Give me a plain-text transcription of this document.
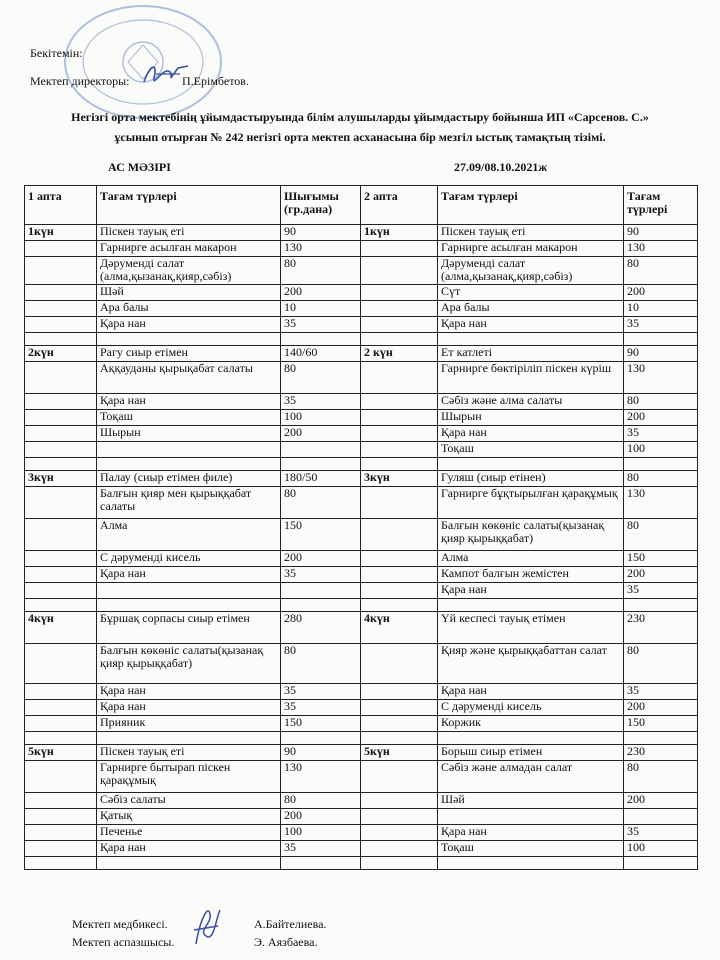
Бекітемін:
Мектеп директоры:	П.Ерімбетов.
Негізгі орта мектебінің ұйымдастыруында білім алушыларды ұйымдастыру бойынша ИП «Сарсенов. С.»
ұсынып отырған № 242 негізгі орта мектеп асханасына бір мезгіл ыстық тамақтың тізімі.
АС МӘЗІРІ	27.09/08.10.2021ж
1 апта	Тағам түрлері	Шығымы (гр.дана)	2 апта	Тағам түрлері	Тағам түрлері
1күн	Піскен тауық еті	90	1күн	Піскен тауық еті	90
	Гарнирге асылған макарон	130		Гарнирге асылған макарон	130
	Дәрумендi салат (алма,қызанақ,қияр,сәбіз)	80		Дәрумендi салат (алма,қызанақ,қияр,сәбіз)	80
	Шәй	200		Сүт	200
	Ара балы	10		Ара балы	10
	Қара нан	35		Қара нан	35

2күн	Рагу сиыр етімен	140/60	2 күн	Ет катлеті	90
	Аққауданы қырықабат салаты	80		Гарнирге бөктіріліп піскен күріш	130
	Қара нан	35		Сәбіз және алма салаты	80
	Тоқаш	100		Шырын	200
	Шырын	200		Қара нан	35
				Тоқаш	100

3күн	Палау (сиыр етімен филе)	180/50	3күн	Гуляш (сиыр етінен)	80
	Балғын қияр мен қырыққабат салаты	80		Гарнирге бұқтырылған қарақұмық	130
	Алма	150		Балғын көкөніс салаты(қызанақ қияр қырыққабат)	80
	С дәрумендi кисель	200		Алма	150
	Қара нан	35		Кампот балғын жемістен	200
				Қара нан	35

4күн	Бұршақ сорпасы сиыр етімен	280	4күн	Үй кеспесі тауық етімен	230
	Балғын көкөніс салаты(қызанақ қияр қырыққабат)	80		Қияр және қырыққабаттан салат	80
	Қара нан	35		Қара нан	35
	Қара нан	35		С дәрумендi кисель	200
	Прияник	150		Коржик	150

5күн	Піскен тауық еті	90	5күн	Борыш сиыр етімен	230
	Гарнирге бытырап піскен қарақұмық	130		Сәбіз және алмадан салат	80
	Сәбіз салаты	80		Шәй	200
	Қатық	200			
	Печенье	100		Қара нан	35
	Қара нан	35		Тоқаш	100

Мектеп медбикесі.
Мектеп аспазшысы.
А.Байтелиева.
Э. Аязбаева.
